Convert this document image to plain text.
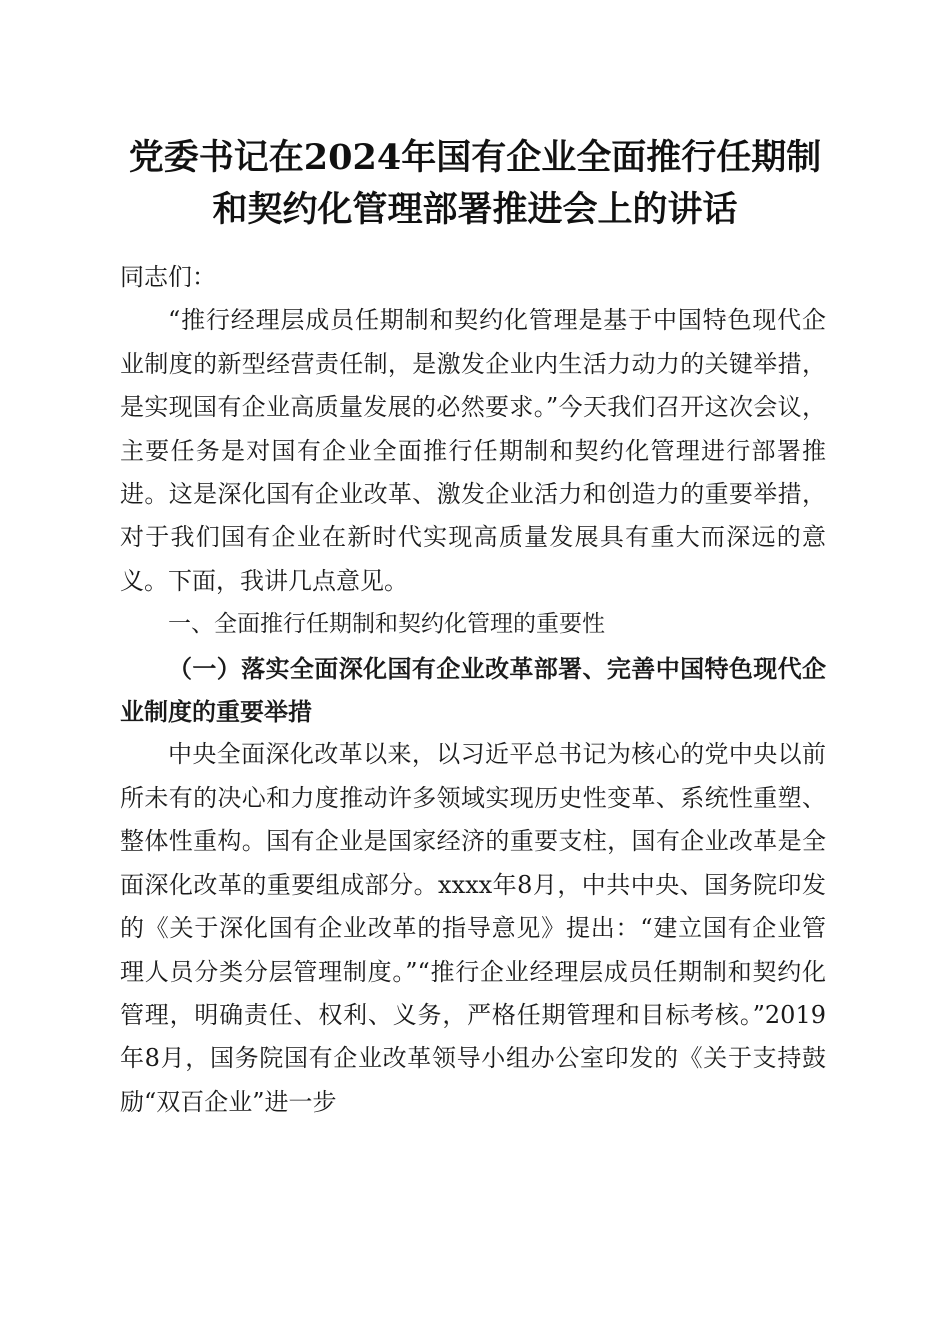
党委书记在2024年国有企业全面推行任期制
和契约化管理部署推进会上的讲话

同志们：

“推行经理层成员任期制和契约化管理是基于中国特色现代企业制度的新型经营责任制，是激发企业内生活力动力的关键举措，是实现国有企业高质量发展的必然要求。”今天我们召开这次会议，主要任务是对国有企业全面推行任期制和契约化管理进行部署推进。这是深化国有企业改革、激发企业活力和创造力的重要举措，对于我们国有企业在新时代实现高质量发展具有重大而深远的意义。下面，我讲几点意见。

一、全面推行任期制和契约化管理的重要性

（一）落实全面深化国有企业改革部署、完善中国特色现代企业制度的重要举措

中央全面深化改革以来，以习近平总书记为核心的党中央以前所未有的决心和力度推动许多领域实现历史性变革、系统性重塑、整体性重构。国有企业是国家经济的重要支柱，国有企业改革是全面深化改革的重要组成部分。xxxx年8月，中共中央、国务院印发的《关于深化国有企业改革的指导意见》提出：“建立国有企业管理人员分类分层管理制度。”“推行企业经理层成员任期制和契约化管理，明确责任、权利、义务，严格任期管理和目标考核。”2019年8月，国务院国有企业改革领导小组办公室印发的《关于支持鼓励“双百企业”进一步
